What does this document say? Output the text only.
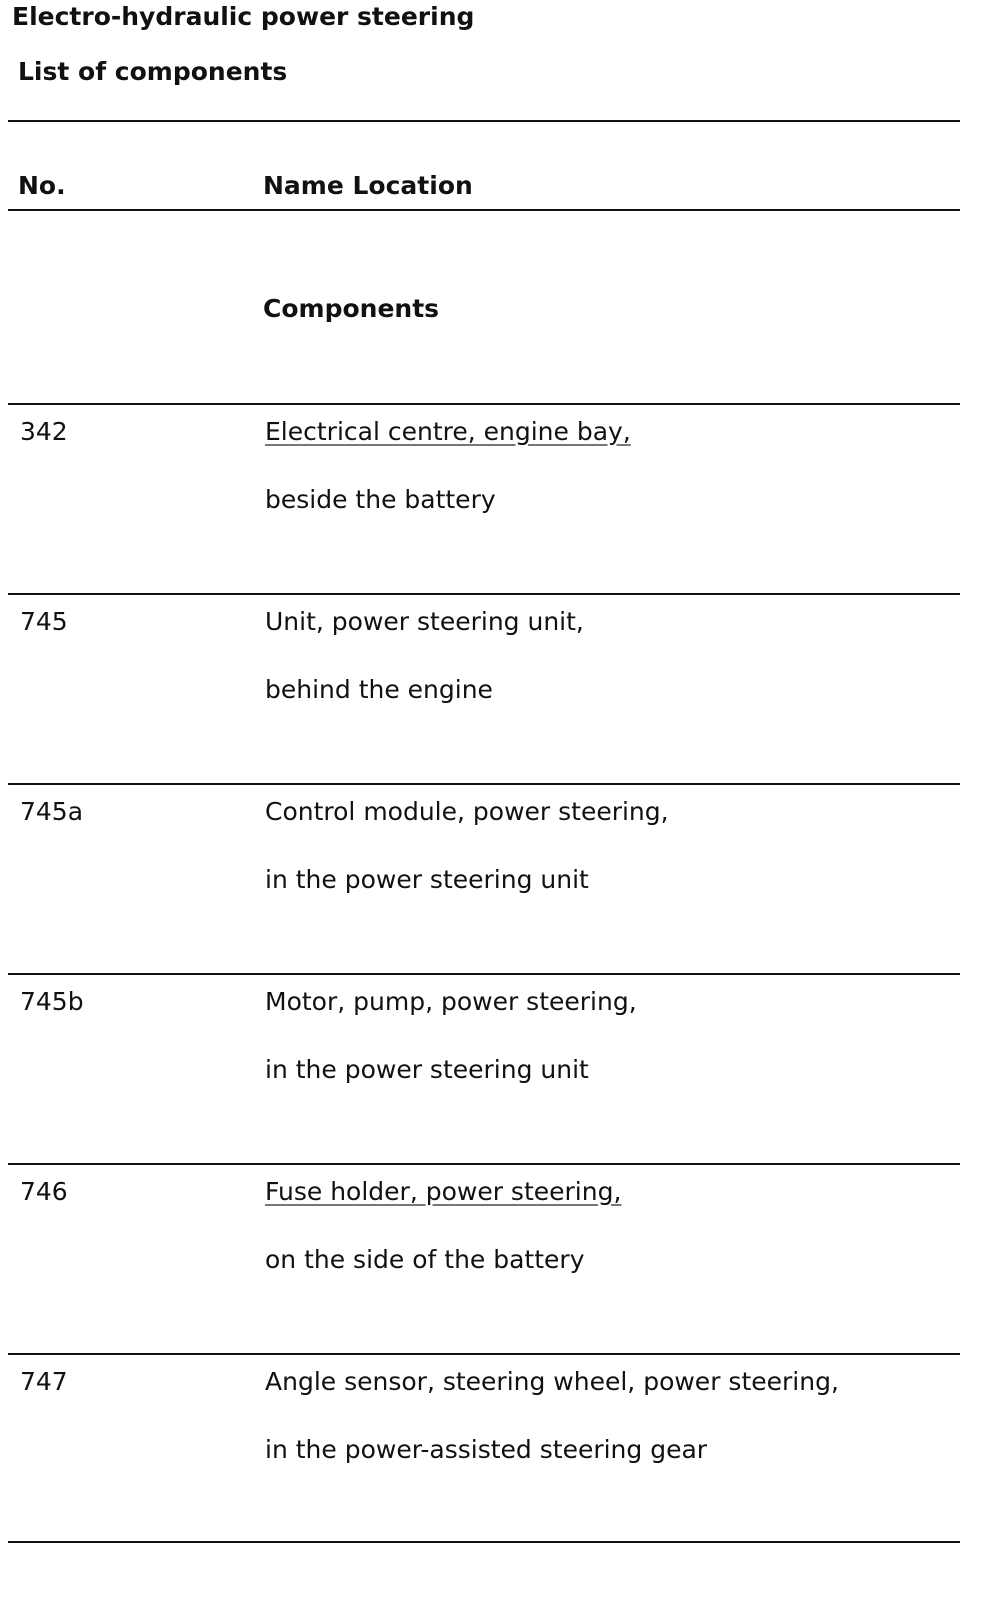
Electro-hydraulic power steering
List of components
No.	Name Location
Components
342	Electrical centre, engine bay,
beside the battery
745	Unit, power steering unit,
behind the engine
745a	Control module, power steering,
in the power steering unit
745b	Motor, pump, power steering,
in the power steering unit
746	Fuse holder, power steering,
on the side of the battery
747	Angle sensor, steering wheel, power steering,
in the power-assisted steering gear
